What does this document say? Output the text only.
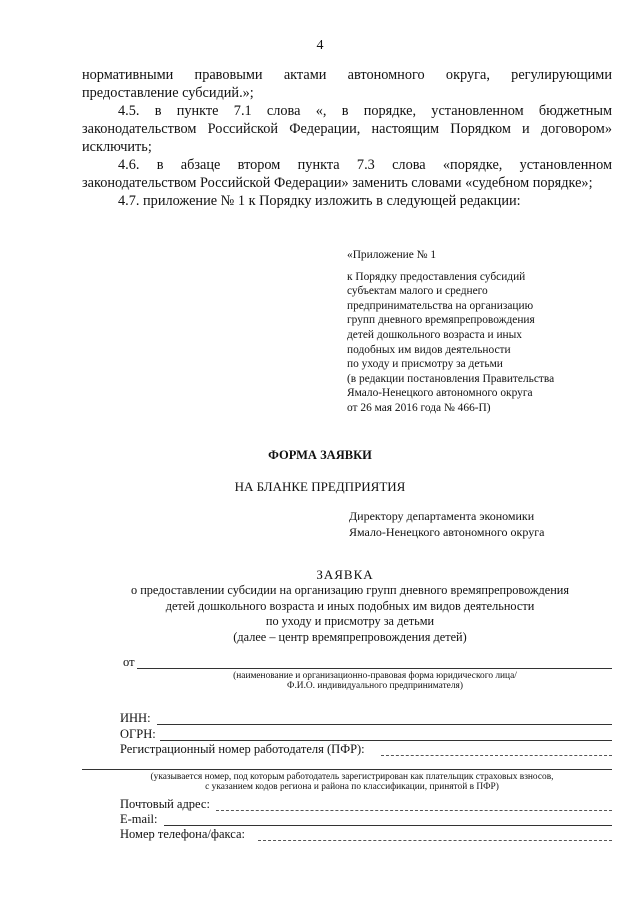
4

нормативными правовыми актами автономного округа, регулирующими предоставление субсидий.»;

4.5. в пункте 7.1 слова «, в порядке, установленном бюджетным законодательством Российской Федерации, настоящим Порядком и договором» исключить;

4.6. в абзаце втором пункта 7.3 слова «порядке, установленном законодательством Российской Федерации» заменить словами «судебном порядке»;

4.7. приложение № 1 к Порядку изложить в следующей редакции:

«Приложение № 1
к Порядку предоставления субсидий
субъектам малого и среднего
предпринимательства на организацию
групп дневного времяпрепровождения
детей дошкольного возраста и иных
подобных им видов деятельности
по уходу и присмотру за детьми
(в редакции постановления Правительства
Ямало-Ненецкого автономного округа
от 26 мая 2016 года № 466-П)
ФОРМА ЗАЯВКИ
НА БЛАНКЕ ПРЕДПРИЯТИЯ
Директору департамента экономики
Ямало-Ненецкого автономного округа
ЗАЯВКА
о предоставлении субсидии на организацию групп дневного времяпрепровождения
детей дошкольного возраста и иных подобных им видов деятельности
по уходу и присмотру за детьми
(далее – центр времяпрепровождения детей)
от
(наименование и организационно-правовая форма юридического лица/
Ф.И.О. индивидуального предпринимателя)
ИНН:
ОГРН:
Регистрационный номер работодателя (ПФР):
(указывается номер, под которым работодатель зарегистрирован как плательщик страховых взносов,
с указанием кодов региона и района по классификации, принятой в ПФР)
Почтовый адрес:
E-mail:
Номер телефона/факса:
